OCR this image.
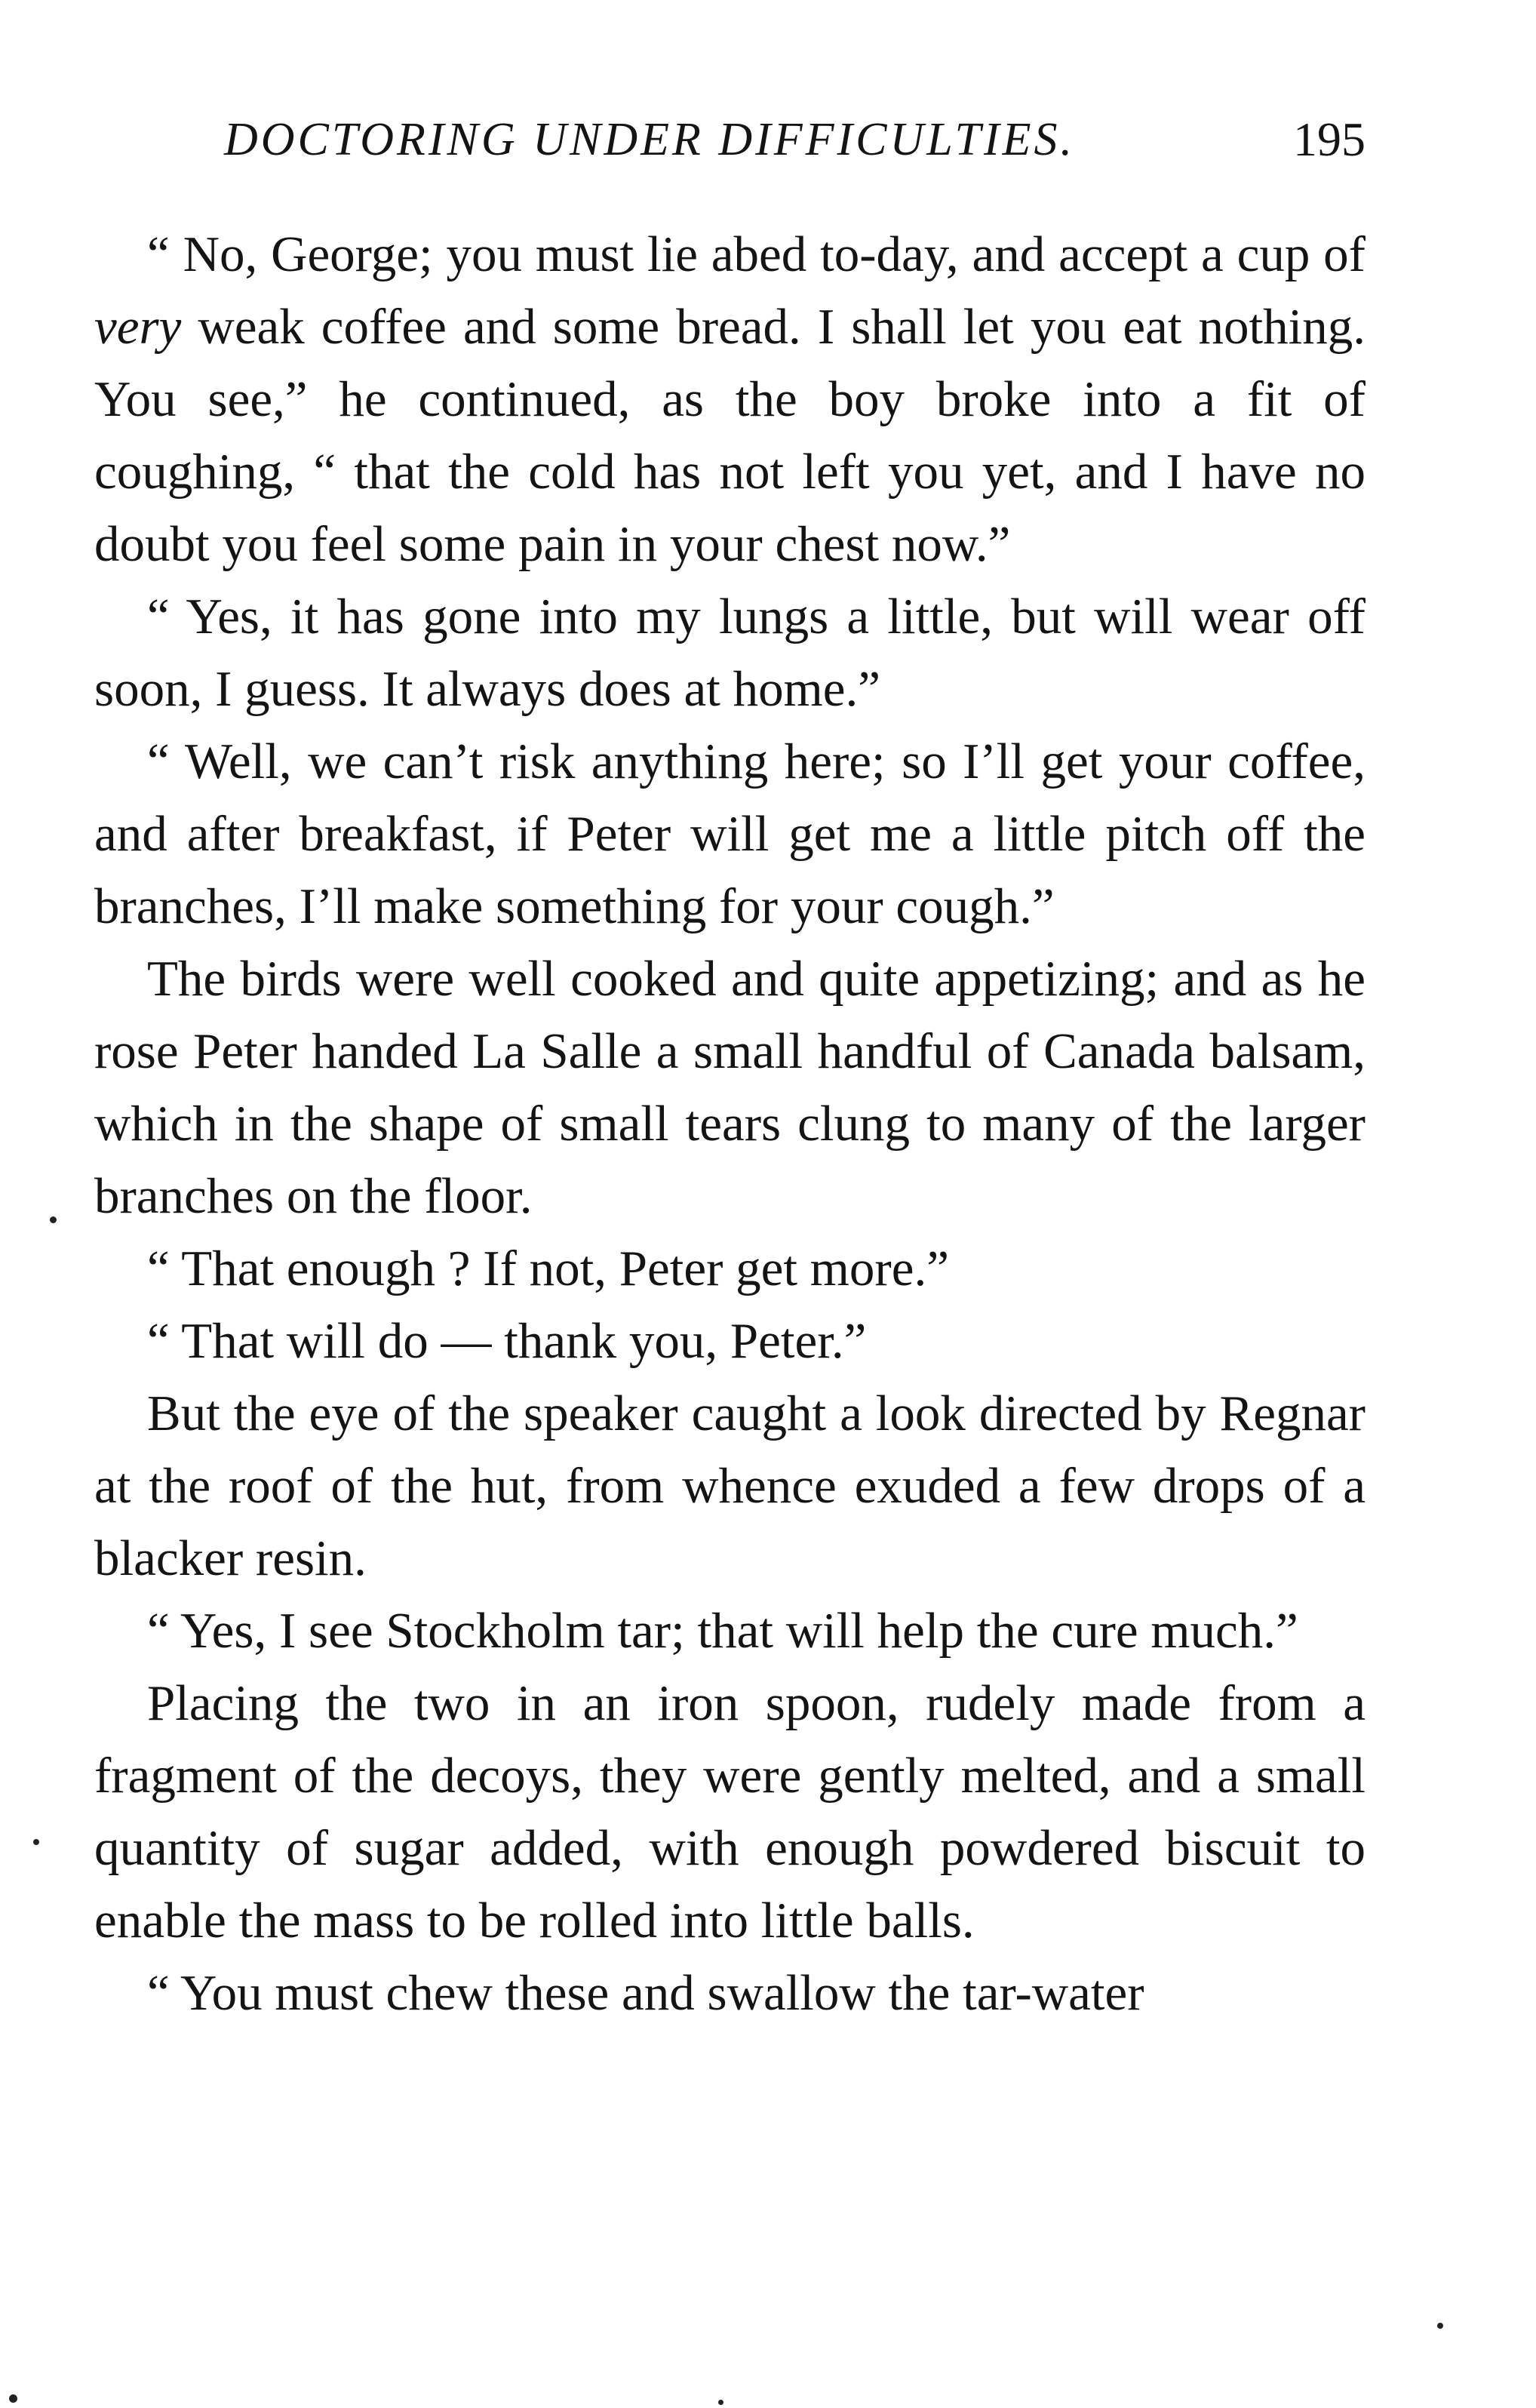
DOCTORING UNDER DIFFICULTIES.	195

“ No, George; you must lie abed to-day, and accept a cup of very weak coffee and some bread. I shall let you eat nothing. You see,” he continued, as the boy broke into a fit of coughing, “ that the cold has not left you yet, and I have no doubt you feel some pain in your chest now.”

“ Yes, it has gone into my lungs a little, but will wear off soon, I guess. It always does at home.”

“ Well, we can’t risk anything here; so I’ll get your coffee, and after breakfast, if Peter will get me a little pitch off the branches, I’ll make something for your cough.”

The birds were well cooked and quite appetizing; and as he rose Peter handed La Salle a small handful of Canada balsam, which in the shape of small tears clung to many of the larger branches on the floor.

“ That enough ? If not, Peter get more.”

“ That will do — thank you, Peter.”

But the eye of the speaker caught a look directed by Regnar at the roof of the hut, from whence exuded a few drops of a blacker resin.

“ Yes, I see Stockholm tar; that will help the cure much.”

Placing the two in an iron spoon, rudely made from a fragment of the decoys, they were gently melted, and a small quantity of sugar added, with enough powdered biscuit to enable the mass to be rolled into little balls.

“ You must chew these and swallow the tar-water
